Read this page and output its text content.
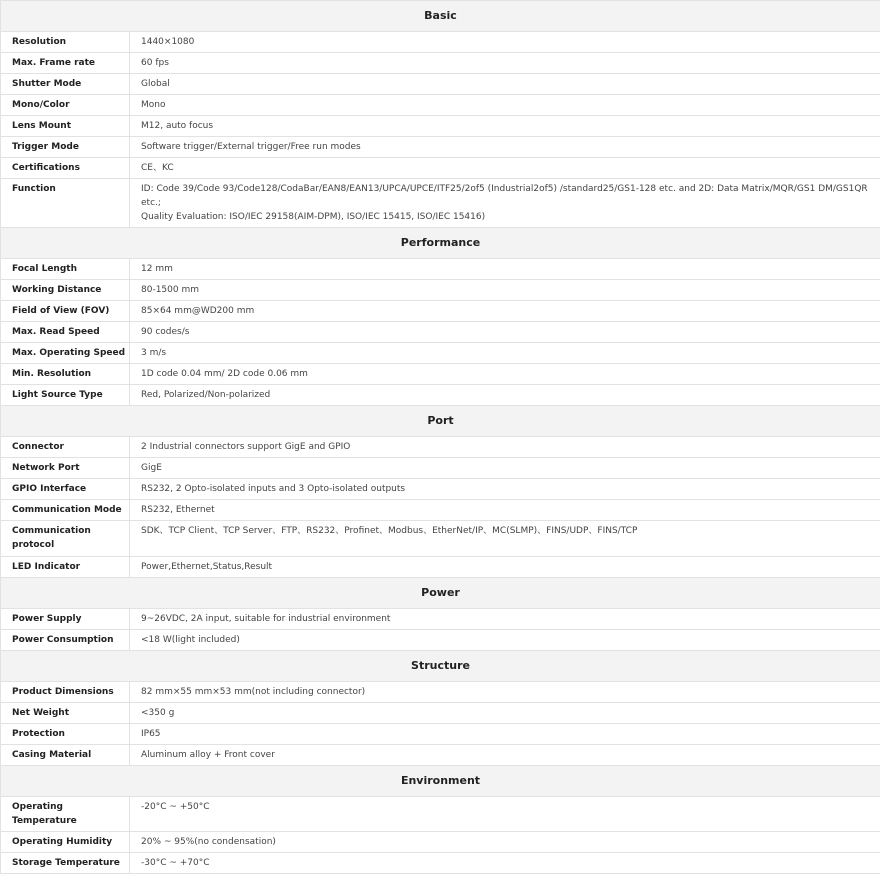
Basic	
Resolution	1440×1080
Max. Frame rate	60 fps
Shutter Mode	Global
Mono/Color	Mono
Lens Mount	M12, auto focus
Trigger Mode	Software trigger/External trigger/Free run modes
Certifications	CE、KC
Function	ID: Code 39/Code 93/Code128/CodaBar/EAN8/EAN13/UPCA/UPCE/ITF25/2of5 (Industrial2of5) /standard25/GS1-128 etc. and 2D: Data Matrix/MQR/GS1 DM/GS1QR etc.;
Quality Evaluation: ISO/IEC 29158(AIM-DPM), ISO/IEC 15415, ISO/IEC 15416)

Performance	
Focal Length	12 mm
Working Distance	80-1500 mm
Field of View (FOV)	85×64 mm@WD200 mm
Max. Read Speed	90 codes/s
Max. Operating Speed	3 m/s
Min. Resolution	1D code 0.04 mm/ 2D code 0.06 mm
Light Source Type	Red, Polarized/Non-polarized
Port	
Connector	2 Industrial connectors support GigE and GPIO
Network Port	GigE
GPIO Interface	RS232, 2 Opto-isolated inputs and 3 Opto-isolated outputs
Communication Mode	RS232, Ethernet

Communication
protocol	SDK、TCP Client、TCP Server、FTP、RS232、Profinet、Modbus、EtherNet/IP、MC(SLMP)、FINS/UDP、FINS/TCP
LED Indicator	Power,Ethernet,Status,Result
Power	
Power Supply	9~26VDC, 2A input, suitable for industrial environment
Power Consumption	<18 W(light included)
Structure	
Product Dimensions	82 mm×55 mm×53 mm(not including connector)
Net Weight	<350 g
Protection	IP65
Casing Material	Aluminum alloy + Front cover
Environment	
Operating Temperature	-20°C ~ +50°C
Operating Humidity	20% ~ 95%(no condensation)
Storage Temperature	-30°C ~ +70°C
